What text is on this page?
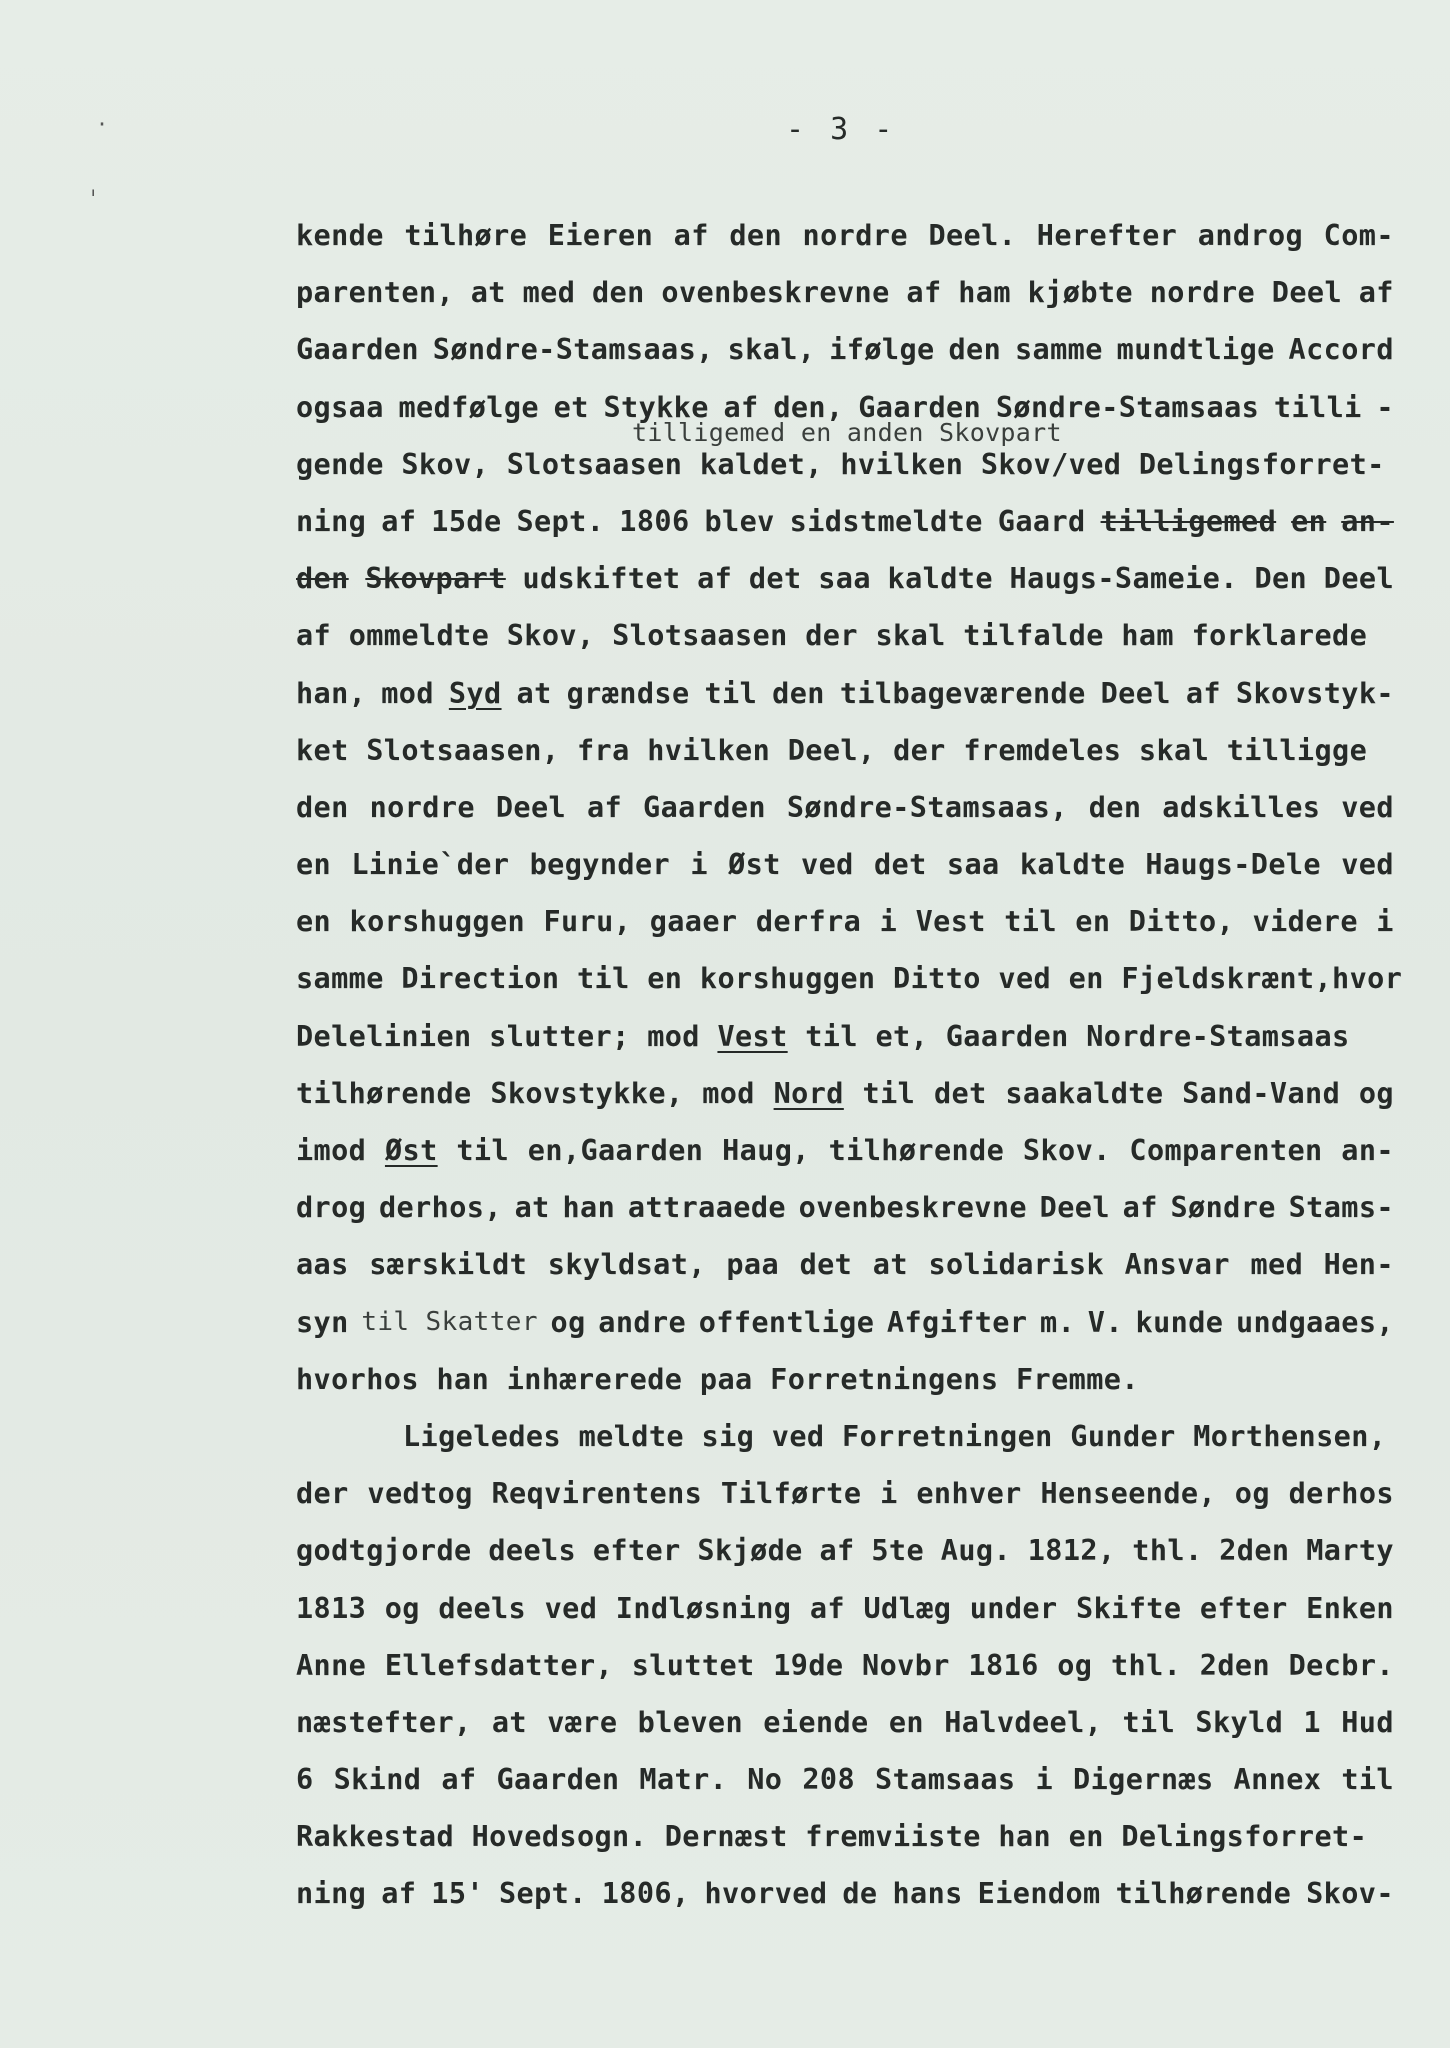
·
ˈ
- 3 -
tilligemed en anden Skovpart
kende tilhøre Eieren af den nordre Deel. Herefter androg Com-
parenten, at med den ovenbeskrevne af ham kjøbte nordre Deel af
Gaarden Søndre-Stamsaas, skal, ifølge den samme mundtlige Accord
ogsaa medfølge et Stykke af den, Gaarden Søndre-Stamsaas tilli -
gende Skov, Slotsaasen kaldet, hvilken Skov/ved Delingsforret-
ning af 15de Sept. 1806 blev sidstmeldte Gaard tilligemed en an-
den Skovpart udskiftet af det saa kaldte Haugs-Sameie. Den Deel
af ommeldte Skov, Slotsaasen der skal tilfalde ham forklarede
han, mod Syd at grændse til den tilbageværende Deel af Skovstyk-
ket Slotsaasen, fra hvilken Deel, der fremdeles skal tilligge
den nordre Deel af Gaarden Søndre-Stamsaas, den adskilles ved
en Linie`der begynder i Øst ved det saa kaldte Haugs-Dele ved
en korshuggen Furu, gaaer derfra i Vest til en Ditto, videre i
samme Direction til en korshuggen Ditto ved en Fjeldskrænt,hvor
Delelinien slutter; mod Vest til et, Gaarden Nordre-Stamsaas
tilhørende Skovstykke, mod Nord til det saakaldte Sand-Vand og
imod Øst til en,Gaarden Haug, tilhørende Skov. Comparenten an-
drog derhos, at han attraaede ovenbeskrevne Deel af Søndre Stams-
aas særskildt skyldsat, paa det at solidarisk Ansvar med Hen-
syn til Skatter og andre offentlige Afgifter m. V. kunde undgaaes,
hvorhos han inhærerede paa Forretningens Fremme.
Ligeledes meldte sig ved Forretningen Gunder Morthensen,
der vedtog Reqvirentens Tilførte i enhver Henseende, og derhos
godtgjorde deels efter Skjøde af 5te Aug. 1812, thl. 2den Marty
1813 og deels ved Indløsning af Udlæg under Skifte efter Enken
Anne Ellefsdatter, sluttet 19de Novbr 1816 og thl. 2den Decbr.
næstefter, at være bleven eiende en Halvdeel, til Skyld 1 Hud
6 Skind af Gaarden Matr. No 208 Stamsaas i Digernæs Annex til
Rakkestad Hovedsogn. Dernæst fremviiste han en Delingsforret-
ning af 15' Sept. 1806, hvorved de hans Eiendom tilhørende Skov-
